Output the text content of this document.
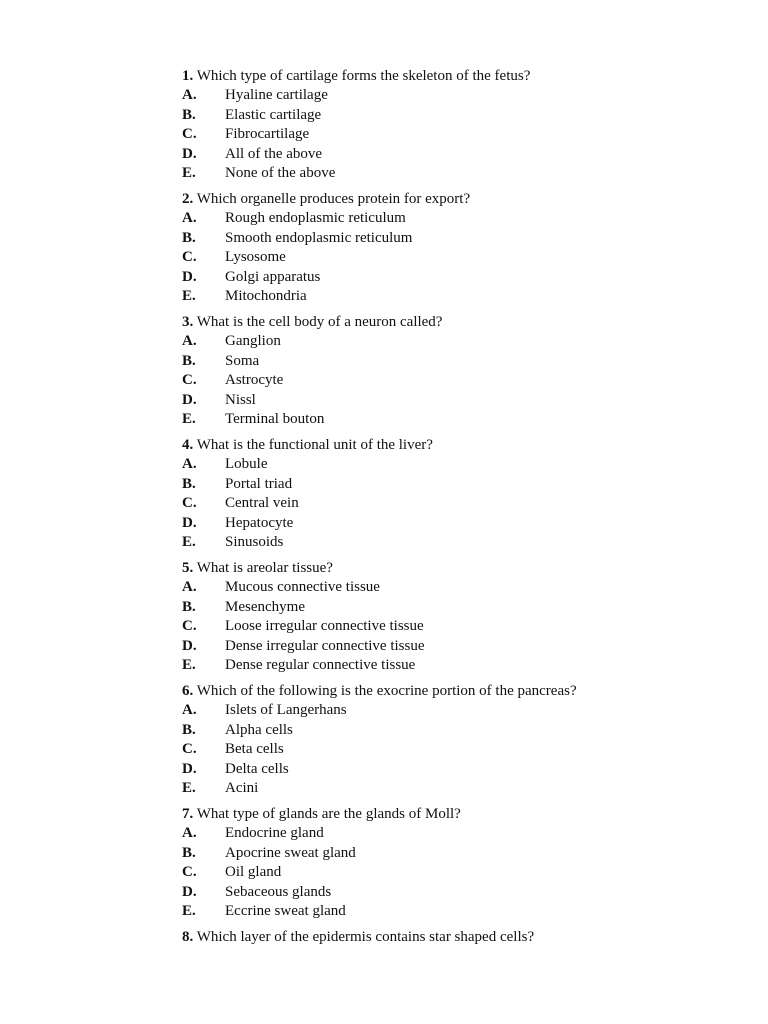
1. Which type of cartilage forms the skeleton of the fetus?
A.	Hyaline cartilage
B.	Elastic cartilage
C.	Fibrocartilage
D.	All of the above
E.	None of the above
2. Which organelle produces protein for export?
A.	Rough endoplasmic reticulum
B.	Smooth endoplasmic reticulum
C.	Lysosome
D.	Golgi apparatus
E.	Mitochondria
3. What is the cell body of a neuron called?
A.	Ganglion
B.	Soma
C.	Astrocyte
D.	Nissl
E.	Terminal bouton
4. What is the functional unit of the liver?
A.	Lobule
B.	Portal triad
C.	Central vein
D.	Hepatocyte
E.	Sinusoids
5. What is areolar tissue?
A.	Mucous connective tissue
B.	Mesenchyme
C.	Loose irregular connective tissue
D.	Dense irregular connective tissue
E.	Dense regular connective tissue
6. Which of the following is the exocrine portion of the pancreas?
A.	Islets of Langerhans
B.	Alpha cells
C.	Beta cells
D.	Delta cells
E.	Acini
7. What type of glands are the glands of Moll?
A.	Endocrine gland
B.	Apocrine sweat gland
C.	Oil gland
D.	Sebaceous glands
E.	Eccrine sweat gland
8. Which layer of the epidermis contains star shaped cells?
